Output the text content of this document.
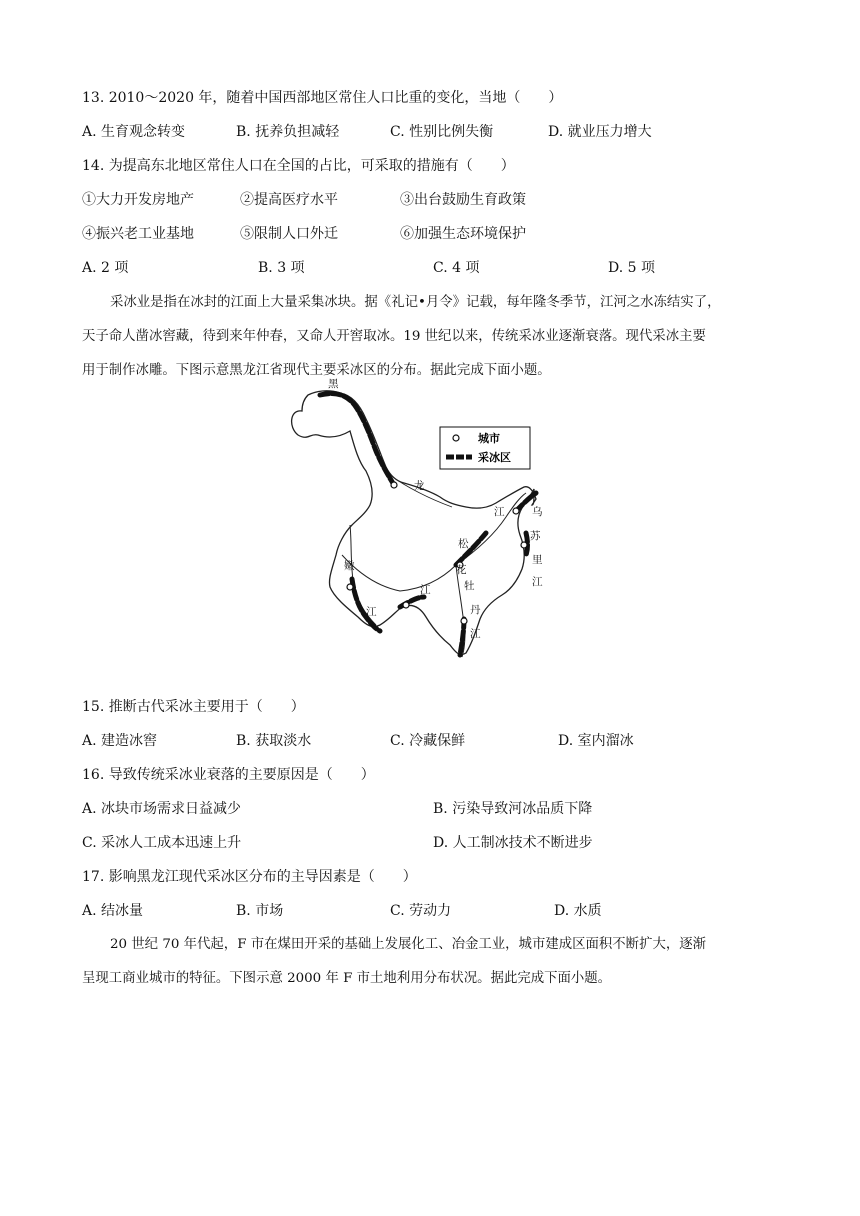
13. 2010～2020 年，随着中国西部地区常住人口比重的变化，当地（　　）
A. 生育观念转变	B. 抚养负担减轻	C. 性别比例失衡	D. 就业压力增大
14. 为提高东北地区常住人口在全国的占比，可采取的措施有（　　）
①大力开发房地产	②提高医疗水平	③出台鼓励生育政策
④振兴老工业基地	⑤限制人口外迁	⑥加强生态环境保护
A. 2 项	B. 3 项	C. 4 项	D. 5 项

采冰业是指在冰封的江面上大量采集冰块。据《礼记•月令》记载，每年隆冬季节，江河之水冻结实了，

天子命人凿冰窖藏，待到来年仲春，又命人开窖取冰。19 世纪以来，传统采冰业逐渐衰落。现代采冰主要

用于制作冰雕。下图示意黑龙江省现代主要采冰区的分布。据此完成下面小题。

城市
采冰区
黑
龙
江	乌
苏
里
江
松
花
江
嫩
江
牡
丹
江
15. 推断古代采冰主要用于（　　）
A. 建造冰窖	B. 获取淡水	C. 冷藏保鲜	D. 室内溜冰
16. 导致传统采冰业衰落的主要原因是（　　）
A. 冰块市场需求日益减少	B. 污染导致河冰品质下降
C. 采冰人工成本迅速上升	D. 人工制冰技术不断进步
17. 影响黑龙江现代采冰区分布的主导因素是（　　）
A. 结冰量	B. 市场	C. 劳动力	D. 水质

20 世纪 70 年代起，F 市在煤田开采的基础上发展化工、冶金工业，城市建成区面积不断扩大，逐渐

呈现工商业城市的特征。下图示意 2000 年 F 市土地利用分布状况。据此完成下面小题。
